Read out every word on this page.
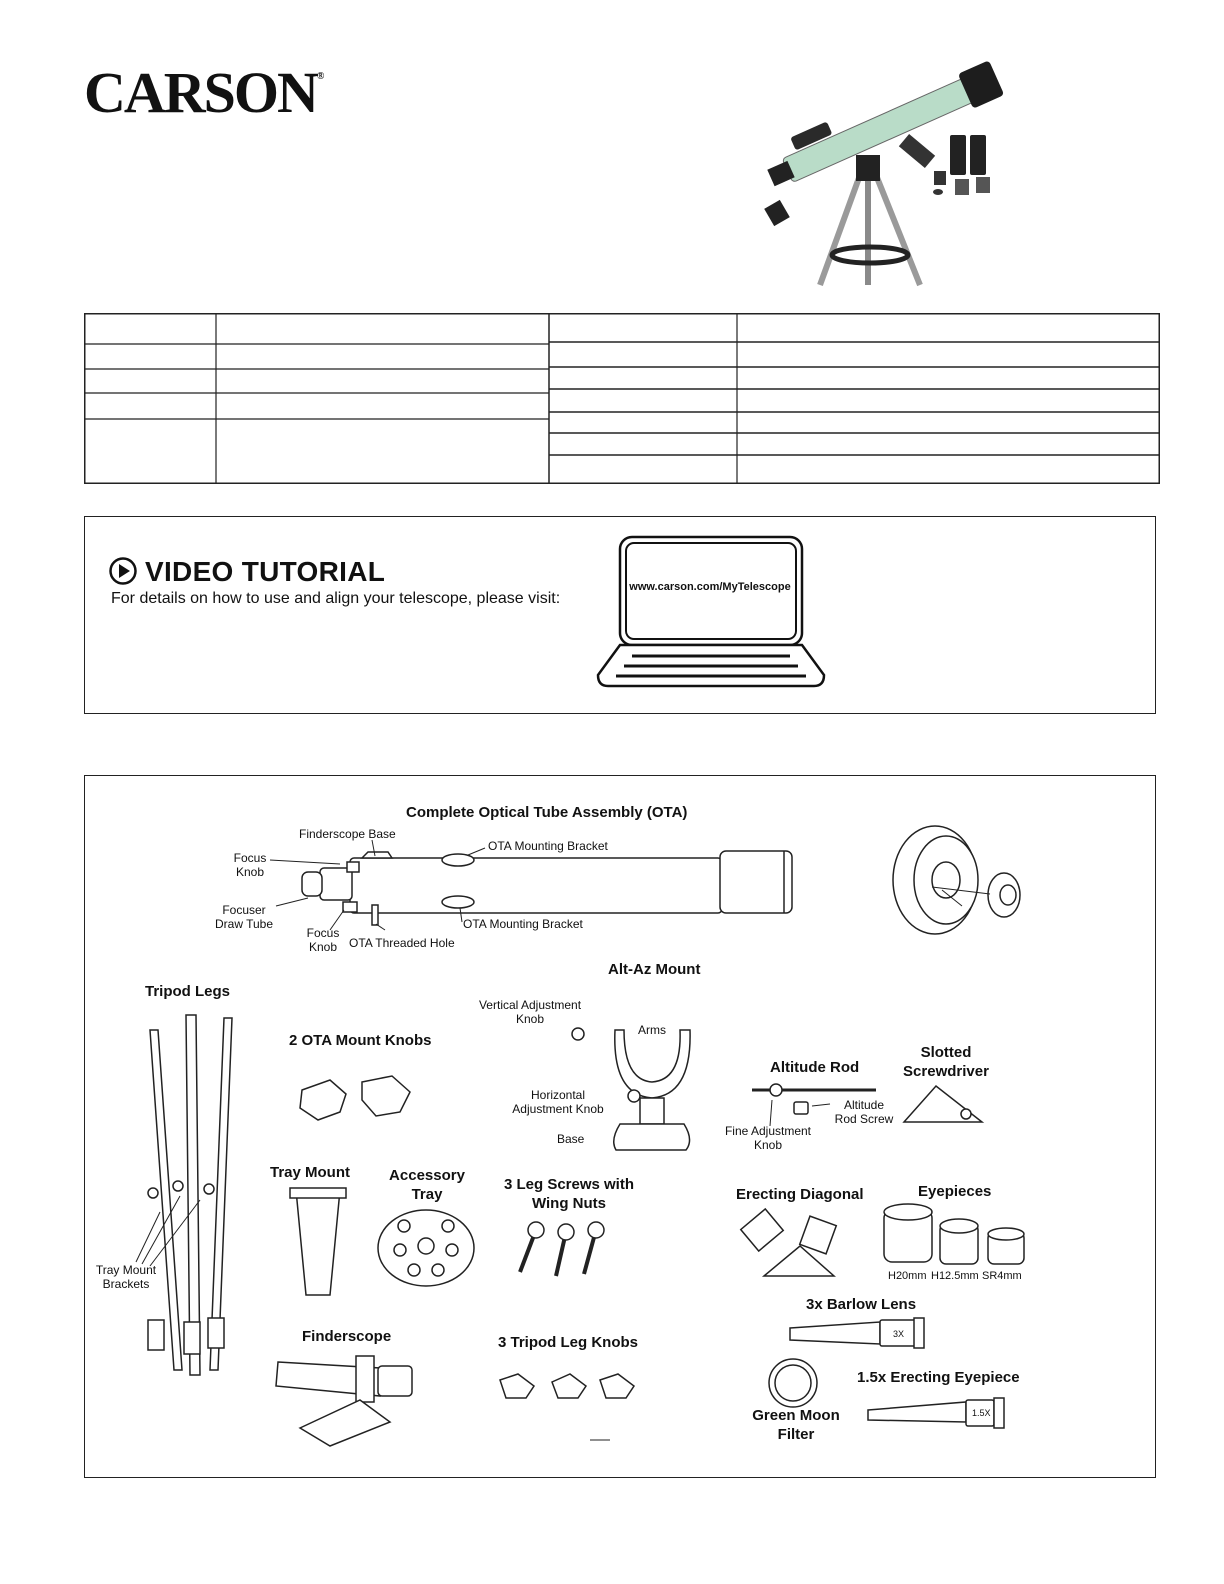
CARSON®
VIDEO TUTORIAL
For details on how to use and align your telescope, please visit:
www.carson.com/MyTelescope
Complete Optical Tube Assembly (OTA)
Finderscope Base
OTA Mounting Bracket
Focus Knob
Focuser Draw Tube
Focus Knob OTA Threaded Hole
OTA Mounting Bracket
Alt-Az Mount
Vertical Adjustment Knob
Arms
Horizontal Adjustment Knob
Base
Tripod Legs
Tray Mount Brackets
2 OTA Mount Knobs
Altitude Rod
Altitude Rod Screw
Fine Adjustment Knob
Slotted Screwdriver
Tray Mount	Accessory Tray
3 Leg Screws with Wing Nuts
Erecting Diagonal	Eyepieces
H20mm H12.5mm SR4mm
3x Barlow Lens
3X
Finderscope	3 Tripod Leg Knobs
1.5x Erecting Eyepiece
1.5X
Green Moon Filter
